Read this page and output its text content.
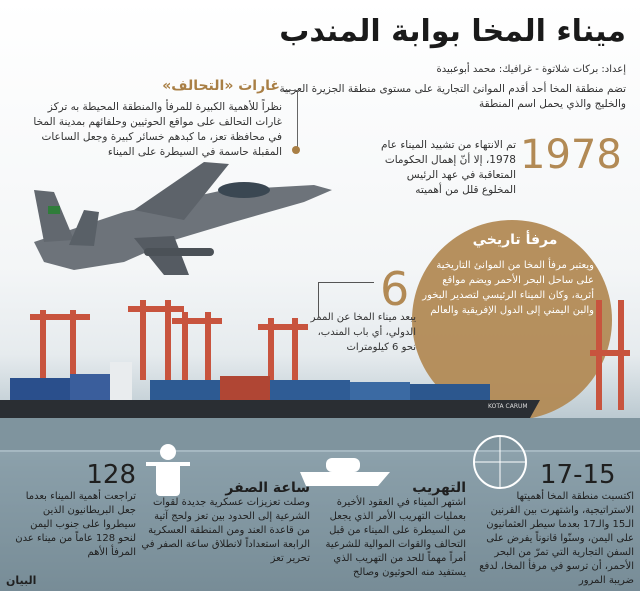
ميناء المخا بوابة المندب
إعداد: بركات شلاتوة - غرافيك: محمد أبوعبيدة
تضم منطقة المخا أحد أقدم الموانئ التجارية على مستوى منطقة الجزيرة العربية والخليج والذي يحمل اسم المنطقة
1978
تم الانتهاء من تشييد الميناء عام 1978، إلا أنّ إهمال الحكومات المتعاقبة في عهد الرئيس المخلوع قلل من أهميته
غارات «التحالف»
نظراً للأهمية الكبيرة للمرفأ والمنطقة المحيطة به تركز غارات التحالف على مواقع الحوثيين وحلفائهم بمدينة المخا في محافظة تعز، ما كبدهم خسائر كبيرة وجعل الساعات المقبلة حاسمة في السيطرة على الميناء
مرفأ تاريخي
ويعتبر مرفأ المخا من الموانئ التاريخية على ساحل البحر الأحمر ويضم مواقع أثرية، وكان الميناء الرئيسي لتصدير البخور والبن اليمني إلى الدول الإفريقية والعالم
6
يبعد ميناء المخا عن الممر الدولي، أي باب المندب، نحو 6 كيلومترات
KOTA CARUM
17-15
اكتسبت منطقة المخا أهميتها الاستراتيجية، واشتهرت بين القرنين الـ15 والـ17 بعدما سيطر العثمانيون على اليمن، وسنّوا قانوناً يفرض على السفن التجارية التي تمرّ من البحر الأحمر، أن ترسو في مرفأ المخا، لدفع ضريبة المرور
التهريب
اشتهر الميناء في العقود الأخيرة بعمليات التهريب الأمر الذي يجعل من السيطرة على الميناء من قبل التحالف والقوات الموالية للشرعية أمراً مهماً للحد من التهريب الذي يستفيد منه الحوثيون وصالح
ساعة الصفر
وصلت تعزيزات عسكرية جديدة لقوات الشرعية إلى الحدود بين تعز ولحج آتية من قاعدة العند ومن المنطقة العسكرية الرابعة استعداداً لانطلاق ساعة الصفر في تحرير تعز
128
تراجعت أهمية الميناء بعدما جعل البريطانيون الذين سيطروا على جنوب اليمن لنحو 128 عاماً من ميناء عدن المرفأ الأهم
البيان
